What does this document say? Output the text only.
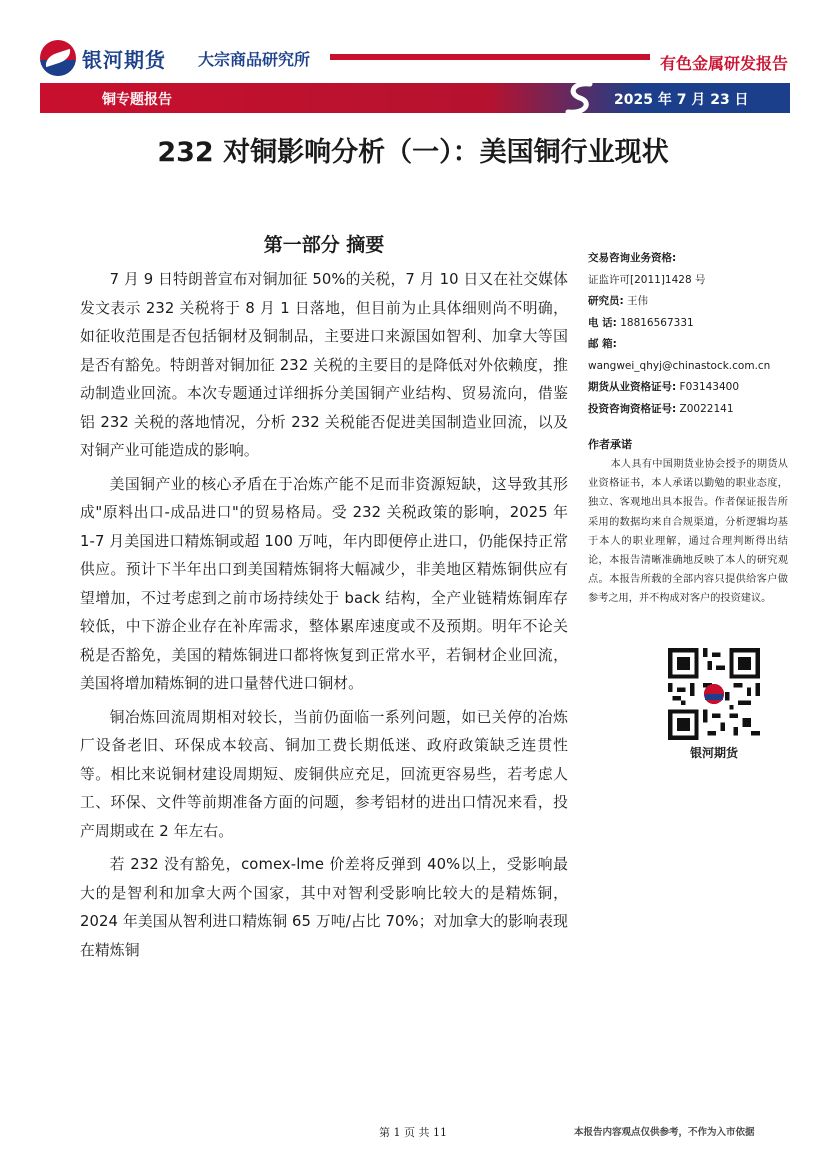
银河期货 大宗商品研究所	有色金属研发报告
铜专题报告	2025 年 7 月 23 日
232 对铜影响分析（一）：美国铜行业现状
第一部分 摘要

7 月 9 日特朗普宣布对铜加征 50%的关税，7 月 10 日又在社交媒体发文表示 232 关税将于 8 月 1 日落地，但目前为止具体细则尚不明确，如征收范围是否包括铜材及铜制品，主要进口来源国如智利、加拿大等国是否有豁免。特朗普对铜加征 232 关税的主要目的是降低对外依赖度，推动制造业回流。本次专题通过详细拆分美国铜产业结构、贸易流向，借鉴铝 232 关税的落地情况，分析 232 关税能否促进美国制造业回流，以及对铜产业可能造成的影响。

美国铜产业的核心矛盾在于冶炼产能不足而非资源短缺，这导致其形成"原料出口-成品进口"的贸易格局。受 232 关税政策的影响，2025 年 1-7 月美国进口精炼铜或超 100 万吨，年内即便停止进口，仍能保持正常供应。预计下半年出口到美国精炼铜将大幅减少，非美地区精炼铜供应有望增加，不过考虑到之前市场持续处于 back 结构，全产业链精炼铜库存较低，中下游企业存在补库需求，整体累库速度或不及预期。明年不论关税是否豁免，美国的精炼铜进口都将恢复到正常水平，若铜材企业回流，美国将增加精炼铜的进口量替代进口铜材。

铜冶炼回流周期相对较长，当前仍面临一系列问题，如已关停的冶炼厂设备老旧、环保成本较高、铜加工费长期低迷、政府政策缺乏连贯性等。相比来说铜材建设周期短、废铜供应充足，回流更容易些，若考虑人工、环保、文件等前期准备方面的问题，参考铝材的进出口情况来看，投产周期或在 2 年左右。

若 232 没有豁免，comex-lme 价差将反弹到 40%以上，受影响最大的是智利和加拿大两个国家，其中对智利受影响比较大的是精炼铜，2024 年美国从智利进口精炼铜 65 万吨/占比 70%；对加拿大的影响表现在精炼铜

交易咨询业务资格:
证监许可[2011]1428 号
研究员: 王伟
电 话: 18816567331
邮 箱:
wangwei_qhyj@chinastock.com.cn
期货从业资格证号: F03143400
投资咨询资格证号: Z0022141
作者承诺
本人具有中国期货业协会授予的期货从业资格证书，本人承诺以勤勉的职业态度，独立、客观地出具本报告。作者保证报告所采用的数据均来自合规渠道，分析逻辑均基于本人的职业理解，通过合理判断得出结论，本报告清晰准确地反映了本人的研究观点。本报告所载的全部内容只提供给客户做参考之用，并不构成对客户的投资建议。
银河期货
第 1 页 共 11	本报告内容观点仅供参考，不作为入市依据
